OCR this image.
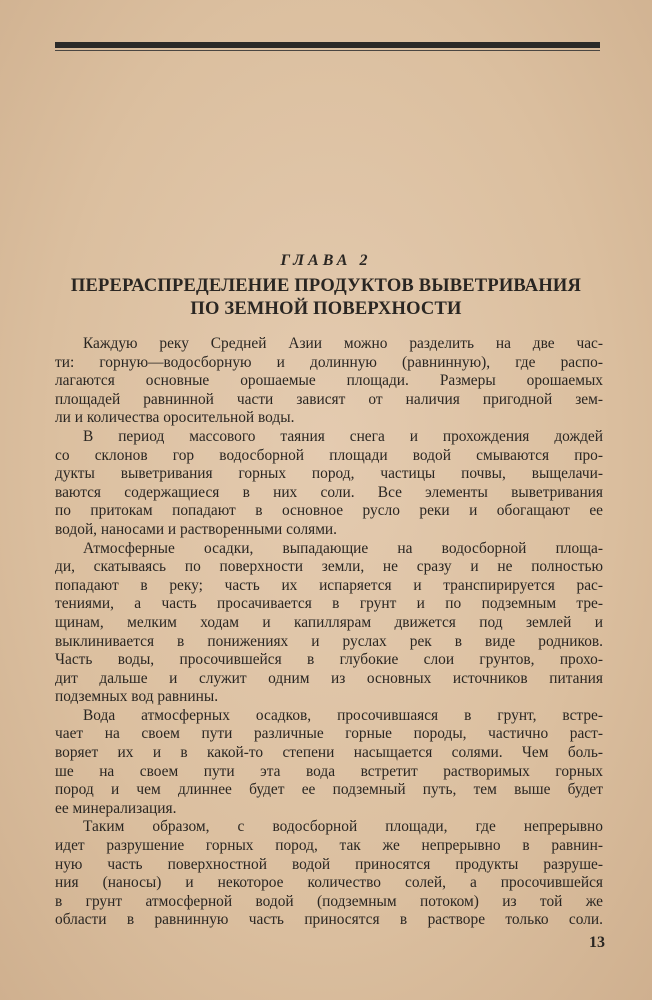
ГЛАВА 2
ПЕРЕРАСПРЕДЕЛЕНИЕ ПРОДУКТОВ ВЫВЕТРИВАНИЯ
ПО ЗЕМНОЙ ПОВЕРХНОСТИ
Каждую реку Средней Азии можно разделить на две час-
ти: горную—водосборную и долинную (равнинную), где распо-
лагаются основные орошаемые площади. Размеры орошаемых
площадей равнинной части зависят от наличия пригодной зем-
ли и количества оросительной воды.
В период массового таяния снега и прохождения дождей
со склонов гор водосборной площади водой смываются про-
дукты выветривания горных пород, частицы почвы, выщелачи-
ваются содержащиеся в них соли. Все элементы выветривания
по притокам попадают в основное русло реки и обогащают ее
водой, наносами и растворенными солями.
Атмосферные осадки, выпадающие на водосборной площа-
ди, скатываясь по поверхности земли, не сразу и не полностью
попадают в реку; часть их испаряется и транспирируется рас-
тениями, а часть просачивается в грунт и по подземным тре-
щинам, мелким ходам и капиллярам движется под землей и
выклинивается в понижениях и руслах рек в виде родников.
Часть воды, просочившейся в глубокие слои грунтов, прохо-
дит дальше и служит одним из основных источников питания
подземных вод равнины.
Вода атмосферных осадков, просочившаяся в грунт, встре-
чает на своем пути различные горные породы, частично раст-
воряет их и в какой-то степени насыщается солями. Чем боль-
ше на своем пути эта вода встретит растворимых горных
пород и чем длиннее будет ее подземный путь, тем выше будет
ее минерализация.
Таким образом, с водосборной площади, где непрерывно
идет разрушение горных пород, так же непрерывно в равнин-
ную часть поверхностной водой приносятся продукты разруше-
ния (наносы) и некоторое количество солей, а просочившейся
в грунт атмосферной водой (подземным потоком) из той же
области в равнинную часть приносятся в растворе только соли.
13
